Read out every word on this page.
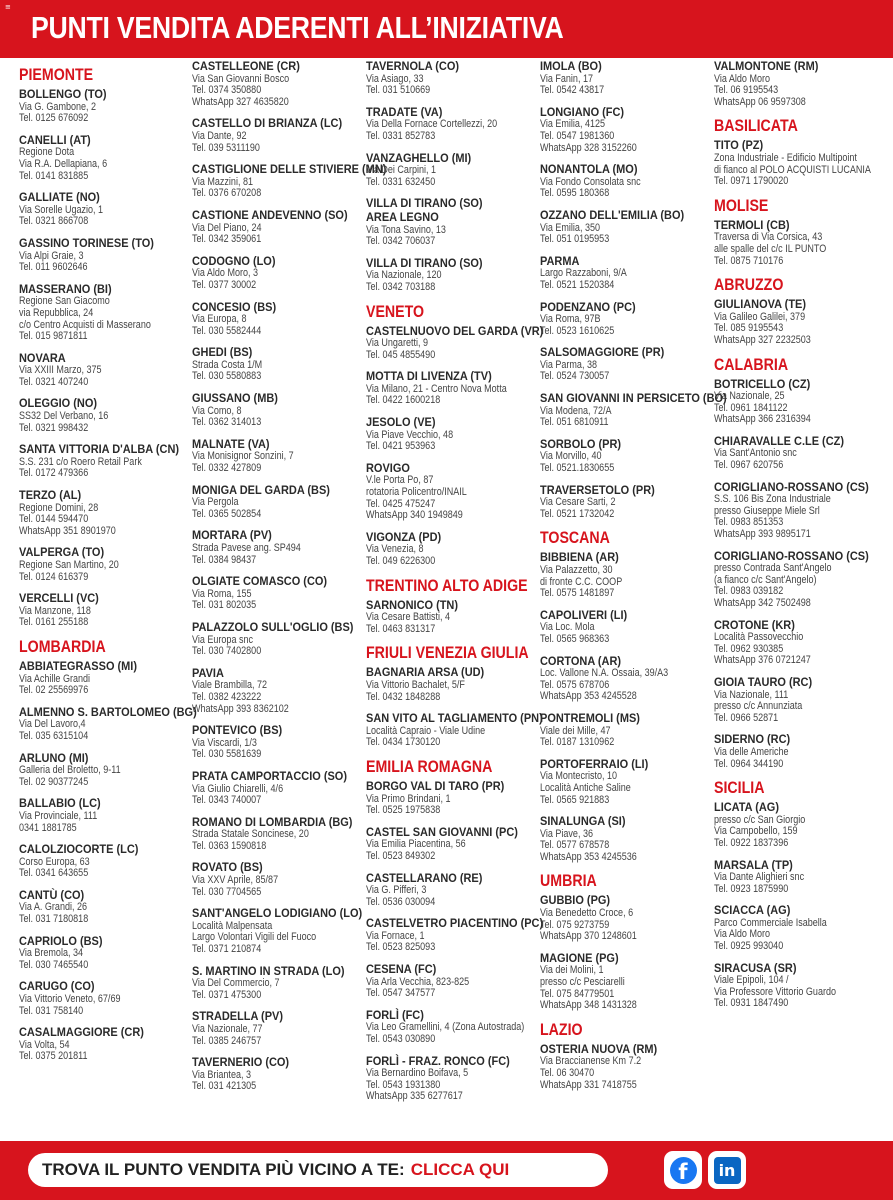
≡
PUNTI VENDITA ADERENTI ALL’INIZIATIVA
PIEMONTE
BOLLENGO (TO)
Via G. Gambone, 2
Tel. 0125 676092
CANELLI (AT)
Regione Dota
Via R.A. Dellapiana, 6
Tel. 0141 831885
GALLIATE (NO)
Via Sorelle Ugazio, 1
Tel. 0321 866708
GASSINO TORINESE (TO)
Via Alpi Graie, 3
Tel. 011 9602646
MASSERANO (BI)
Regione San Giacomo
via Repubblica, 24
c/o Centro Acquisti di Masserano
Tel. 015 9871811
NOVARA
Via XXIII Marzo, 375
Tel. 0321 407240
OLEGGIO (NO)
SS32 Del Verbano, 16
Tel. 0321 998432
SANTA VITTORIA D'ALBA (CN)
S.S. 231 c/o Roero Retail Park
Tel. 0172 479366
TERZO (AL)
Regione Domini, 28
Tel. 0144 594470
WhatsApp 351 8901970
VALPERGA (TO)
Regione San Martino, 20
Tel. 0124 616379
VERCELLI (VC)
Via Manzone, 118
Tel. 0161 255188
LOMBARDIA
ABBIATEGRASSO (MI)
Via Achille Grandi
Tel. 02 25569976
ALMENNO S. BARTOLOMEO (BG)
Via Del Lavoro,4
Tel. 035 6315104
ARLUNO (MI)
Galleria del Broletto, 9-11
Tel. 02 90377245
BALLABIO (LC)
Via Provinciale, 111
0341 1881785
CALOLZIOCORTE (LC)
Corso Europa, 63
Tel. 0341 643655
CANTÙ (CO)
Via A. Grandi, 26
Tel. 031 7180818
CAPRIOLO (BS)
Via Bremola, 34
Tel. 030 7465540
CARUGO (CO)
Via Vittorio Veneto, 67/69
Tel. 031 758140
CASALMAGGIORE (CR)
Via Volta, 54
Tel. 0375 201811
CASTELLEONE (CR)
Via San Giovanni Bosco
Tel. 0374 350880
WhatsApp 327 4635820
CASTELLO DI BRIANZA (LC)
Via Dante, 92
Tel. 039 5311190
CASTIGLIONE DELLE STIVIERE (MN)
Via Mazzini, 81
Tel. 0376 670208
CASTIONE ANDEVENNO (SO)
Via Del Piano, 24
Tel. 0342 359061
CODOGNO (LO)
Via Aldo Moro, 3
Tel. 0377 30002
CONCESIO (BS)
Via Europa, 8
Tel. 030 5582444
GHEDI (BS)
Strada Costa 1/M
Tel. 030 5580883
GIUSSANO (MB)
Via Como, 8
Tel. 0362 314013
MALNATE (VA)
Via Monisignor Sonzini, 7
Tel. 0332 427809
MONIGA DEL GARDA (BS)
Via Pergola
Tel. 0365 502854
MORTARA (PV)
Strada Pavese ang. SP494
Tel. 0384 98437
OLGIATE COMASCO (CO)
Via Roma, 155
Tel. 031 802035
PALAZZOLO SULL'OGLIO (BS)
Via Europa snc
Tel. 030 7402800
PAVIA
Viale Brambilla, 72
Tel. 0382 423222
WhatsApp 393 8362102
PONTEVICO (BS)
Via Viscardi, 1/3
Tel. 030 5581639
PRATA CAMPORTACCIO (SO)
Via Giulio Chiarelli, 4/6
Tel. 0343 740007
ROMANO DI LOMBARDIA (BG)
Strada Statale Soncinese, 20
Tel. 0363 1590818
ROVATO (BS)
Via XXV Aprile, 85/87
Tel. 030 7704565
SANT'ANGELO LODIGIANO (LO)
Località Malpensata
Largo Volontari Vigili del Fuoco
Tel. 0371 210874
S. MARTINO IN STRADA (LO)
Via Del Commercio, 7
Tel. 0371 475300
STRADELLA (PV)
Via Nazionale, 77
Tel. 0385 246757
TAVERNERIO (CO)
Via Briantea, 3
Tel. 031 421305
TAVERNOLA (CO)
Via Asiago, 33
Tel. 031 510669
TRADATE (VA)
Via Della Fornace Cortellezzi, 20
Tel. 0331 852783
VANZAGHELLO (MI)
Via Dei Carpini, 1
Tel. 0331 632450
VILLA DI TIRANO (SO)
AREA LEGNO
Via Tona Savino, 13
Tel. 0342 706037
VILLA DI TIRANO (SO)
Via Nazionale, 120
Tel. 0342 703188
VENETO
CASTELNUOVO DEL GARDA (VR)
Via Ungaretti, 9
Tel. 045 4855490
MOTTA DI LIVENZA (TV)
Via Milano, 21 - Centro Nova Motta
Tel. 0422 1600218
JESOLO (VE)
Via Piave Vecchio, 48
Tel. 0421 953963
ROVIGO
V.le Porta Po, 87
rotatoria Policentro/INAIL
Tel. 0425 475247
WhatsApp 340 1949849
VIGONZA (PD)
Via Venezia, 8
Tel. 049 6226300
TRENTINO ALTO ADIGE
SARNONICO (TN)
Via Cesare Battisti, 4
Tel. 0463 831317
FRIULI VENEZIA GIULIA
BAGNARIA ARSA (UD)
Via Vittorio Bachalet, 5/F
Tel. 0432 1848288
SAN VITO AL TAGLIAMENTO (PN)
Località Capraio - Viale Udine
Tel. 0434 1730120
EMILIA ROMAGNA
BORGO VAL DI TARO (PR)
Via Primo Brindani, 1
Tel. 0525 1975838
CASTEL SAN GIOVANNI (PC)
Via Emilia Piacentina, 56
Tel. 0523 849302
CASTELLARANO (RE)
Via G. Pifferi, 3
Tel. 0536 030094
CASTELVETRO PIACENTINO (PC)
Via Fornace, 1
Tel. 0523 825093
CESENA (FC)
Via Arla Vecchia, 823-825
Tel. 0547 347577
FORLÌ (FC)
Via Leo Gramellini, 4 (Zona Autostrada)
Tel. 0543 030890
FORLÌ - FRAZ. RONCO (FC)
Via Bernardino Boifava, 5
Tel. 0543 1931380
WhatsApp 335 6277617
IMOLA (BO)
Via Fanin, 17
Tel. 0542 43817
LONGIANO (FC)
Via Emilia, 4125
Tel. 0547 1981360
WhatsApp 328 3152260
NONANTOLA (MO)
Via Fondo Consolata snc
Tel. 0595 180368
OZZANO DELL'EMILIA (BO)
Via Emilia, 350
Tel. 051 0195953
PARMA
Largo Razzaboni, 9/A
Tel. 0521 1520384
PODENZANO (PC)
Via Roma, 97B
Tel. 0523 1610625
SALSOMAGGIORE (PR)
Via Parma, 38
Tel. 0524 730057
SAN GIOVANNI IN PERSICETO (BO)
Via Modena, 72/A
Tel. 051 6810911
SORBOLO (PR)
Via Morvillo, 40
Tel. 0521.1830655
TRAVERSETOLO (PR)
Via Cesare Sarti, 2
Tel. 0521 1732042
TOSCANA
BIBBIENA (AR)
Via Palazzetto, 30
di fronte C.C. COOP
Tel. 0575 1481897
CAPOLIVERI (LI)
Via Loc. Mola
Tel. 0565 968363
CORTONA (AR)
Loc. Vallone N.A. Ossaia, 39/A3
Tel. 0575 678706
WhatsApp 353 4245528
PONTREMOLI (MS)
Viale dei Mille, 47
Tel. 0187 1310962
PORTOFERRAIO (LI)
Via Montecristo, 10
Località Antiche Saline
Tel. 0565 921883
SINALUNGA (SI)
Via Piave, 36
Tel. 0577 678578
WhatsApp 353 4245536
UMBRIA
GUBBIO (PG)
Via Benedetto Croce, 6
Tel. 075 9273759
WhatsApp 370 1248601
MAGIONE (PG)
Via dei Molini, 1
presso c/c Pesciarelli
Tel. 075 84779501
WhatsApp 348 1431328
LAZIO
OSTERIA NUOVA (RM)
Via Braccianense Km 7.2
Tel. 06 30470
WhatsApp 331 7418755
VALMONTONE (RM)
Via Aldo Moro
Tel. 06 9195543
WhatsApp 06 9597308
BASILICATA
TITO (PZ)
Zona Industriale - Edificio Multipoint
di fianco al POLO ACQUISTI LUCANIA
Tel. 0971 1790020
MOLISE
TERMOLI (CB)
Traversa di Via Corsica, 43
alle spalle del c/c IL PUNTO
Tel. 0875 710176
ABRUZZO
GIULIANOVA (TE)
Via Galileo Galilei, 379
Tel. 085 9195543
WhatsApp 327 2232503
CALABRIA
BOTRICELLO (CZ)
Via Nazionale, 25
Tel. 0961 1841122
WhatsApp 366 2316394
CHIARAVALLE C.LE (CZ)
Via Sant'Antonio snc
Tel. 0967 620756
CORIGLIANO-ROSSANO (CS)
S.S. 106 Bis Zona Industriale
presso Giuseppe Miele Srl
Tel. 0983 851353
WhatsApp 393 9895171
CORIGLIANO-ROSSANO (CS)
presso Contrada Sant'Angelo
(a fianco c/c Sant'Angelo)
Tel. 0983 039182
WhatsApp 342 7502498
CROTONE (KR)
Località Passovecchio
Tel. 0962 930385
WhatsApp 376 0721247
GIOIA TAURO (RC)
Via Nazionale, 111
presso c/c Annunziata
Tel. 0966 52871
SIDERNO (RC)
Via delle Americhe
Tel. 0964 344190
SICILIA
LICATA (AG)
presso c/c San Giorgio
Via Campobello, 159
Tel. 0922 1837396
MARSALA (TP)
Via Dante Alighieri snc
Tel. 0923 1875990
SCIACCA (AG)
Parco Commerciale Isabella
Via Aldo Moro
Tel. 0925 993040
SIRACUSA (SR)
Viale Epipoli, 104 /
Via Professore Vittorio Guardo
Tel. 0931 1847490
TROVA IL PUNTO VENDITA PIÙ VICINO A TE: CLICCA QUI	f	in
